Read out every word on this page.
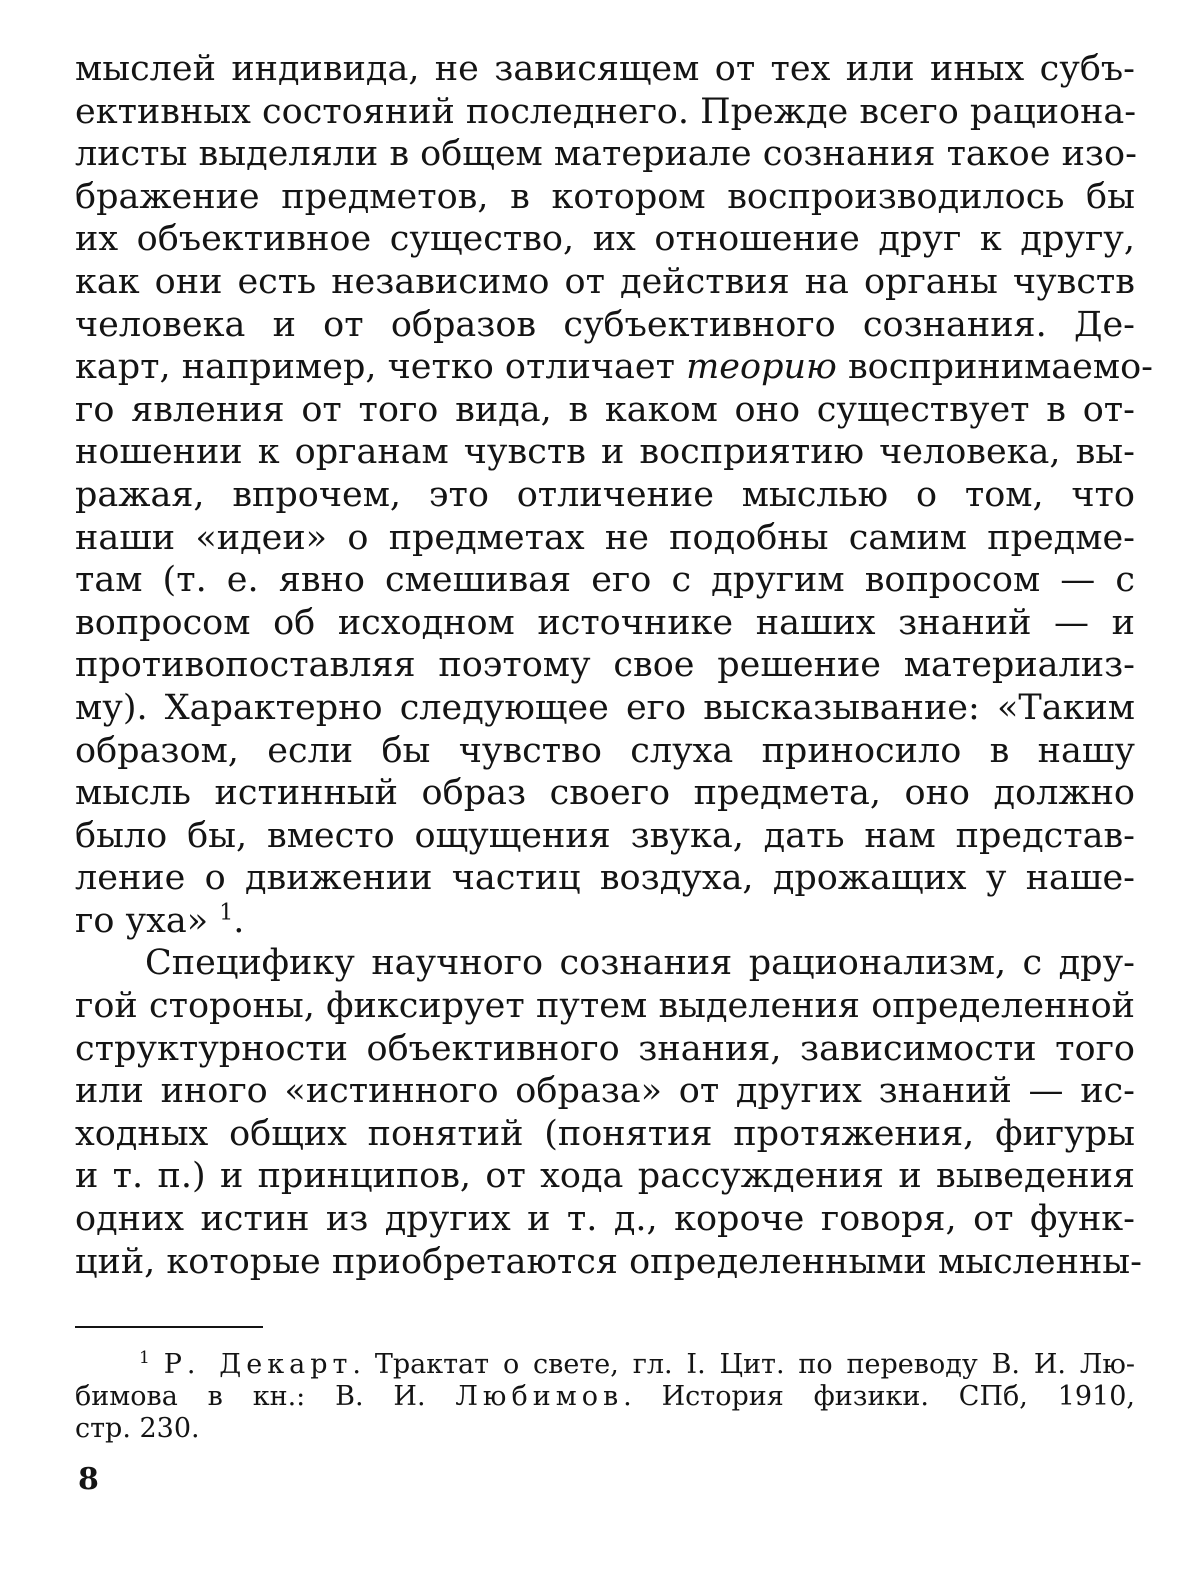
мыслей индивида, не зависящем от тех или иных субъ-
ективных состояний последнего. Прежде всего рациона-
листы выделяли в общем материале сознания такое изо-
бражение предметов, в котором воспроизводилось бы
их объективное существо, их отношение друг к другу,
как они есть независимо от действия на органы чувств
человека и от образов субъективного сознания. Де-
карт, например, четко отличает теорию воспринимаемо-
го явления от того вида, в каком оно существует в от-
ношении к органам чувств и восприятию человека, вы-
ражая, впрочем, это отличение мыслью о том, что
наши «идеи» о предметах не подобны самим предме-
там (т. е. явно смешивая его с другим вопросом — с
вопросом об исходном источнике наших знаний — и
противопоставляя поэтому свое решение материализ-
му). Характерно следующее его высказывание: «Таким
образом, если бы чувство слуха приносило в нашу
мысль истинный образ своего предмета, оно должно
было бы, вместо ощущения звука, дать нам представ-
ление о движении частиц воздуха, дрожащих у наше-
го уха» $^1$.
Специфику научного сознания рационализм, с дру-
гой стороны, фиксирует путем выделения определенной
структурности объективного знания, зависимости того
или иного «истинного образа» от других знаний — ис-
ходных общих понятий (понятия протяжения, фигуры
и т. п.) и принципов, от хода рассуждения и выведения
одних истин из других и т. д., короче говоря, от функ-
ций, которые приобретаются определенными мысленны-
$^1$ Р. Декарт. Трактат о свете, гл. I. Цит. по переводу В. И. Лю-
бимова в кн.: В. И. Любимов. История физики. СПб, 1910,
стр. 230.
8
